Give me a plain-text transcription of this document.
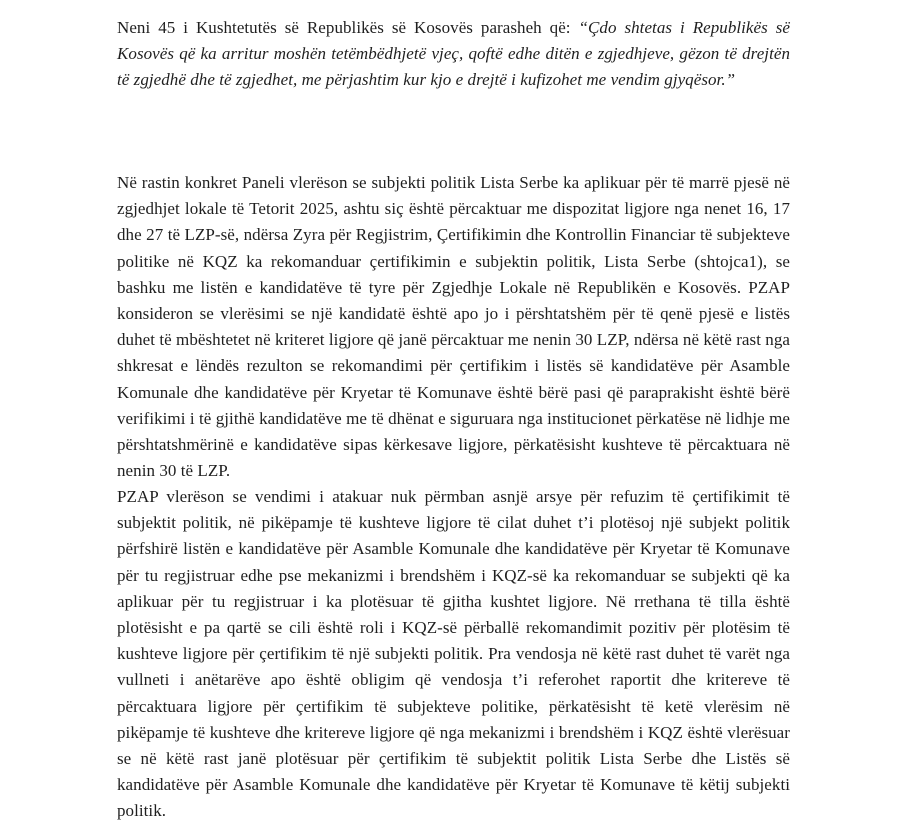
Neni 45 i Kushtetutës së Republikës së Kosovës parasheh që: “Çdo shtetas i Republikës së Kosovës që ka arritur moshën tetëmbëdhjetë vjeç, qoftë edhe ditën e zgjedhjeve, gëzon të drejtën të zgjedhë dhe të zgjedhet, me përjashtim kur kjo e drejtë i kufizohet me vendim gjyqësor.”

Në rastin konkret Paneli vlerëson se subjekti politik Lista Serbe ka aplikuar për të marrë pjesë në zgjedhjet lokale të Tetorit 2025, ashtu siç është përcaktuar me dispozitat ligjore nga nenet 16, 17 dhe 27 të LZP-së, ndërsa Zyra për Regjistrim, Çertifikimin dhe Kontrollin Financiar të subjekteve politike në KQZ ka rekomanduar çertifikimin e subjektin politik, Lista Serbe (shtojca1), se bashku me listën e kandidatëve të tyre për Zgjedhje Lokale në Republikën e Kosovës. PZAP konsideron se vlerësimi se një kandidatë është apo jo i përshtatshëm për të qenë pjesë e listës duhet të mbështetet në kriteret ligjore që janë përcaktuar me nenin 30 LZP, ndërsa në këtë rast nga shkresat e lëndës rezulton se rekomandimi për çertifikim i listës së kandidatëve për Asamble Komunale dhe kandidatëve për Kryetar të Komunave është bërë pasi që paraprakisht është bërë verifikimi i të gjithë kandidatëve me të dhënat e siguruara nga institucionet përkatëse në lidhje me përshtatshmërinë e kandidatëve sipas kërkesave ligjore, përkatësisht kushteve të përcaktuara në nenin 30 të LZP.

PZAP vlerëson se vendimi i atakuar nuk përmban asnjë arsye për refuzim të çertifikimit të subjektit politik, në pikëpamje të kushteve ligjore të cilat duhet t’i plotësoj një subjekt politik përfshirë listën e kandidatëve për Asamble Komunale dhe kandidatëve për Kryetar të Komunave për tu regjistruar edhe pse mekanizmi i brendshëm i KQZ-së ka rekomanduar se subjekti që ka aplikuar për tu regjistruar i ka plotësuar të gjitha kushtet ligjore. Në rrethana të tilla është plotësisht e pa qartë se cili është roli i KQZ-së përballë rekomandimit pozitiv për plotësim të kushteve ligjore për çertifikim të një subjekti politik. Pra vendosja në këtë rast duhet të varët nga vullneti i anëtarëve apo është obligim që vendosja t’i referohet raportit dhe kritereve të përcaktuara ligjore për çertifikim të subjekteve politike, përkatësisht të ketë vlerësim në pikëpamje të kushteve dhe kritereve ligjore që nga mekanizmi i brendshëm i KQZ është vlerësuar se në këtë rast janë plotësuar për çertifikim të subjektit politik Lista Serbe dhe Listës së kandidatëve për Asamble Komunale dhe kandidatëve për Kryetar të Komunave të këtij subjekti politik.
